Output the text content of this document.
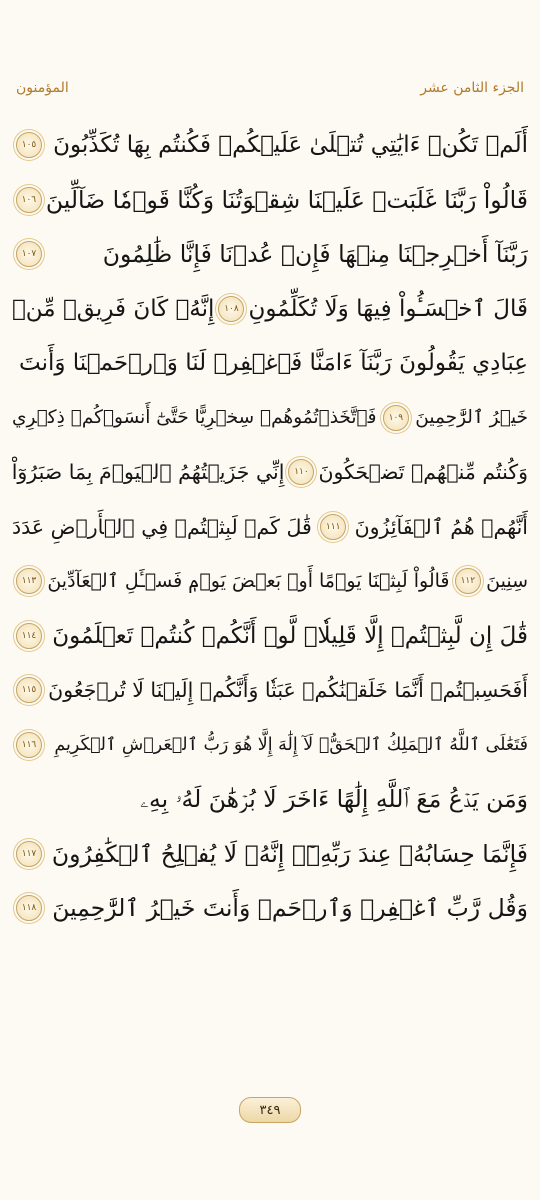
المؤمنون	الجزء الثامن عشر
أَلَمۡ تَكُنۡ ءَايَٰتِي تُتۡلَىٰ عَلَيۡكُمۡ فَكُنتُم بِهَا تُكَذِّبُونَ
١٠٥
قَالُواْ رَبَّنَا غَلَبَتۡ عَلَيۡنَا شِقۡوَتُنَا وَكُنَّا قَوۡمٗا ضَآلِّينَ
١٠٦
رَبَّنَآ أَخۡرِجۡنَا مِنۡهَا فَإِنۡ عُدۡنَا فَإِنَّا ظَٰلِمُونَ
١٠٧
قَالَ ٱخۡسَـُٔواْ فِيهَا وَلَا تُكَلِّمُونِ
١٠٨
إِنَّهُۥ كَانَ فَرِيقٞ مِّنۡ
عِبَادِي يَقُولُونَ رَبَّنَآ ءَامَنَّا فَٱغۡفِرۡ لَنَا وَٱرۡحَمۡنَا وَأَنتَ
خَيۡرُ ٱلرَّٰحِمِينَ
١٠٩
فَٱتَّخَذۡتُمُوهُمۡ سِخۡرِيًّا حَتَّىٰٓ أَنسَوۡكُمۡ ذِكۡرِي
وَكُنتُم مِّنۡهُمۡ تَضۡحَكُونَ
١١٠
إِنِّي جَزَيۡتُهُمُ ٱلۡيَوۡمَ بِمَا صَبَرُوٓاْ
أَنَّهُمۡ هُمُ ٱلۡفَآئِزُونَ
١١١
قَٰلَ كَمۡ لَبِثۡتُمۡ فِي ٱلۡأَرۡضِ عَدَدَ
سِنِينَ
١١٢
قَالُواْ لَبِثۡنَا يَوۡمًا أَوۡ بَعۡضَ يَوۡمٖ فَسۡـَٔلِ ٱلۡعَآدِّينَ
١١٣
قَٰلَ إِن لَّبِثۡتُمۡ إِلَّا قَلِيلٗاۖ لَّوۡ أَنَّكُمۡ كُنتُمۡ تَعۡلَمُونَ
١١٤
أَفَحَسِبۡتُمۡ أَنَّمَا خَلَقۡنَٰكُمۡ عَبَثٗا وَأَنَّكُمۡ إِلَيۡنَا لَا تُرۡجَعُونَ
١١٥
فَتَعَٰلَى ٱللَّهُ ٱلۡمَلِكُ ٱلۡحَقُّۖ لَآ إِلَٰهَ إِلَّا هُوَ رَبُّ ٱلۡعَرۡشِ ٱلۡكَرِيمِ
١١٦
وَمَن يَدۡعُ مَعَ ٱللَّهِ إِلَٰهًا ءَاخَرَ لَا بُرۡهَٰنَ لَهُۥ بِهِۦ
فَإِنَّمَا حِسَابُهُۥ عِندَ رَبِّهِۦٓۚ إِنَّهُۥ لَا يُفۡلِحُ ٱلۡكَٰفِرُونَ
١١٧
وَقُل رَّبِّ ٱغۡفِرۡ وَٱرۡحَمۡ وَأَنتَ خَيۡرُ ٱلرَّٰحِمِينَ
١١٨
٣٤٩
